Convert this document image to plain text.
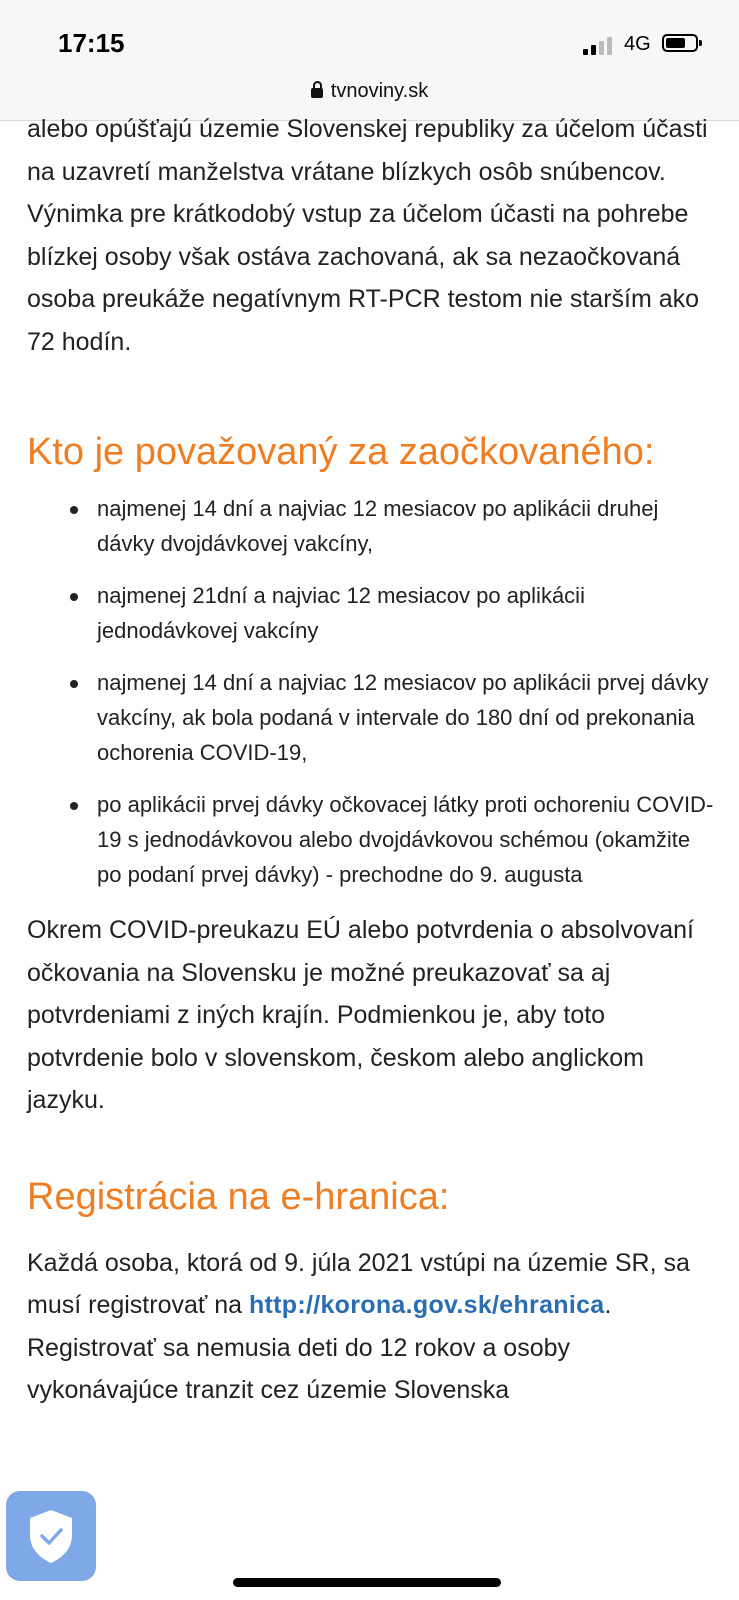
17:15	4G
tvnoviny.sk

alebo opúšťajú územie Slovenskej republiky za účelom účasti na uzavretí manželstva vrátane blízkych osôb snúbencov. Výnimka pre krátkodobý vstup za účelom účasti na pohrebe blízkej osoby však ostáva zachovaná, ak sa nezaočkovaná osoba preukáže negatívnym RT-PCR testom nie starším ako 72 hodín.

Kto je považovaný za zaočkovaného:
najmenej 14 dní a najviac 12 mesiacov po aplikácii druhej dávky dvojdávkovej vakcíny,
najmenej 21dní a najviac 12 mesiacov po aplikácii jednodávkovej vakcíny
najmenej 14 dní a najviac 12 mesiacov po aplikácii prvej dávky vakcíny, ak bola podaná v intervale do 180 dní od prekonania ochorenia COVID-19,
po aplikácii prvej dávky očkovacej látky proti ochoreniu COVID-19 s jednodávkovou alebo dvojdávkovou schémou (okamžite po podaní prvej dávky) - prechodne do 9. augusta

Okrem COVID-preukazu EÚ alebo potvrdenia o absolvovaní očkovania na Slovensku je možné preukazovať sa aj potvrdeniami z iných krajín. Podmienkou je, aby toto potvrdenie bolo v slovenskom, českom alebo anglickom jazyku.

Registrácia na e-hranica:

Každá osoba, ktorá od 9. júla 2021 vstúpi na územie SR, sa musí registrovať na http://korona.gov.sk/ehranica. Registrovať sa nemusia deti do 12 rokov a osoby vykonávajúce tranzit cez územie Slovenska
